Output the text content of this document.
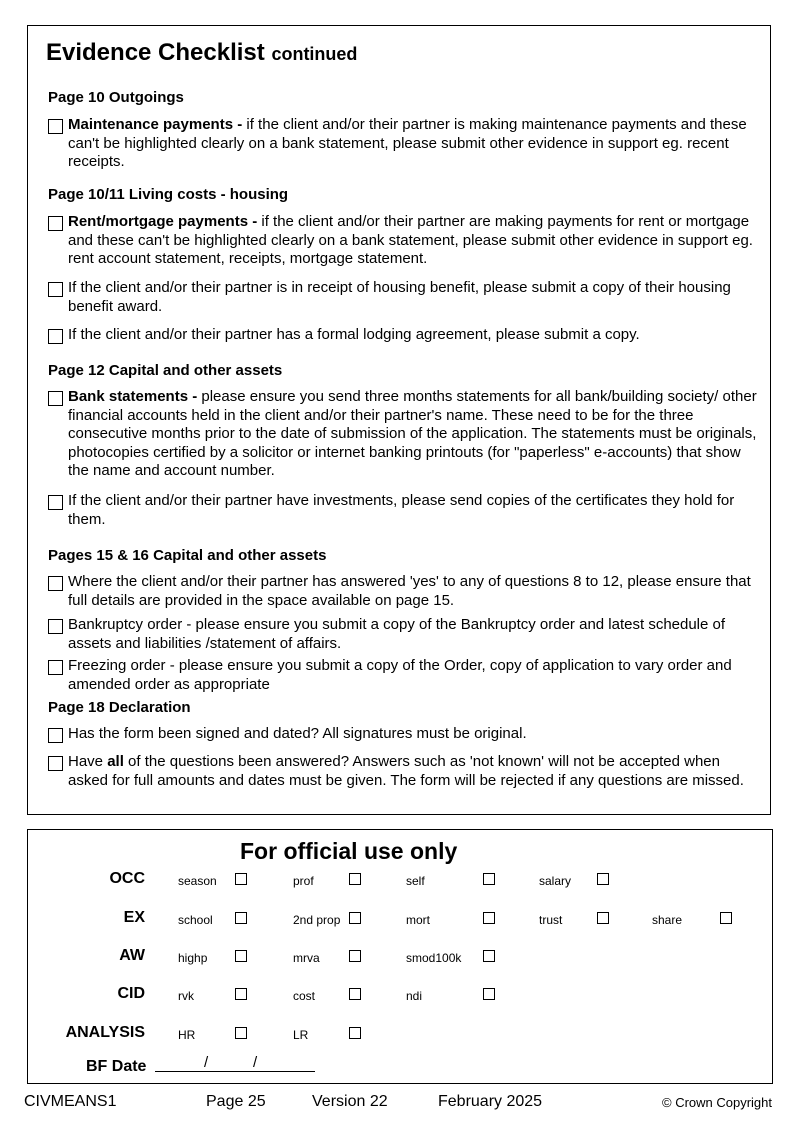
Evidence Checklist continued
Page 10 Outgoings
Maintenance payments - if the client and/or their partner is making maintenance payments and these can't be highlighted clearly on a bank statement, please submit other evidence in support eg. recent receipts.
Page 10/11 Living costs - housing
Rent/mortgage payments - if the client and/or their partner are making payments for rent or mortgage and these can't be highlighted clearly on a bank statement, please submit other evidence in support eg. rent account statement, receipts, mortgage statement.
If the client and/or their partner is in receipt of housing benefit, please submit a copy of their housing benefit award.
If the client and/or their partner has a formal lodging agreement, please submit a copy.
Page 12 Capital and other assets
Bank statements - please ensure you send three months statements for all bank/building society/ other financial accounts held in the client and/or their partner's name. These need to be for the three consecutive months prior to the date of submission of the application. The statements must be originals, photocopies certified by a solicitor or internet banking printouts (for "paperless" e-accounts) that show the name and account number.
If the client and/or their partner have investments, please send copies of the certificates they hold for them.
Pages 15 & 16 Capital and other assets
Where the client and/or their partner has answered 'yes' to any of questions 8 to 12, please ensure that full details are provided in the space available on page 15.
Bankruptcy order - please ensure you submit a copy of the Bankruptcy order and latest schedule of assets and liabilities /statement of affairs.
Freezing order - please ensure you submit a copy of the Order, copy of application to vary order and amended order as appropriate
Page 18 Declaration
Has the form been signed and dated? All signatures must be original.
Have all of the questions been answered? Answers such as 'not known' will not be accepted when asked for full amounts and dates must be given. The form will be rejected if any questions are missed.
For official use only
OCC	season	prof	self	salary
EX	school	2nd prop	mort	trust	share
AW	highp	mrva	smod100k
CID	rvk	cost	ndi
ANALYSIS	HR	LR
BF Date	/	/
CIVMEANS1	Page 25	Version 22	February 2025	© Crown Copyright
